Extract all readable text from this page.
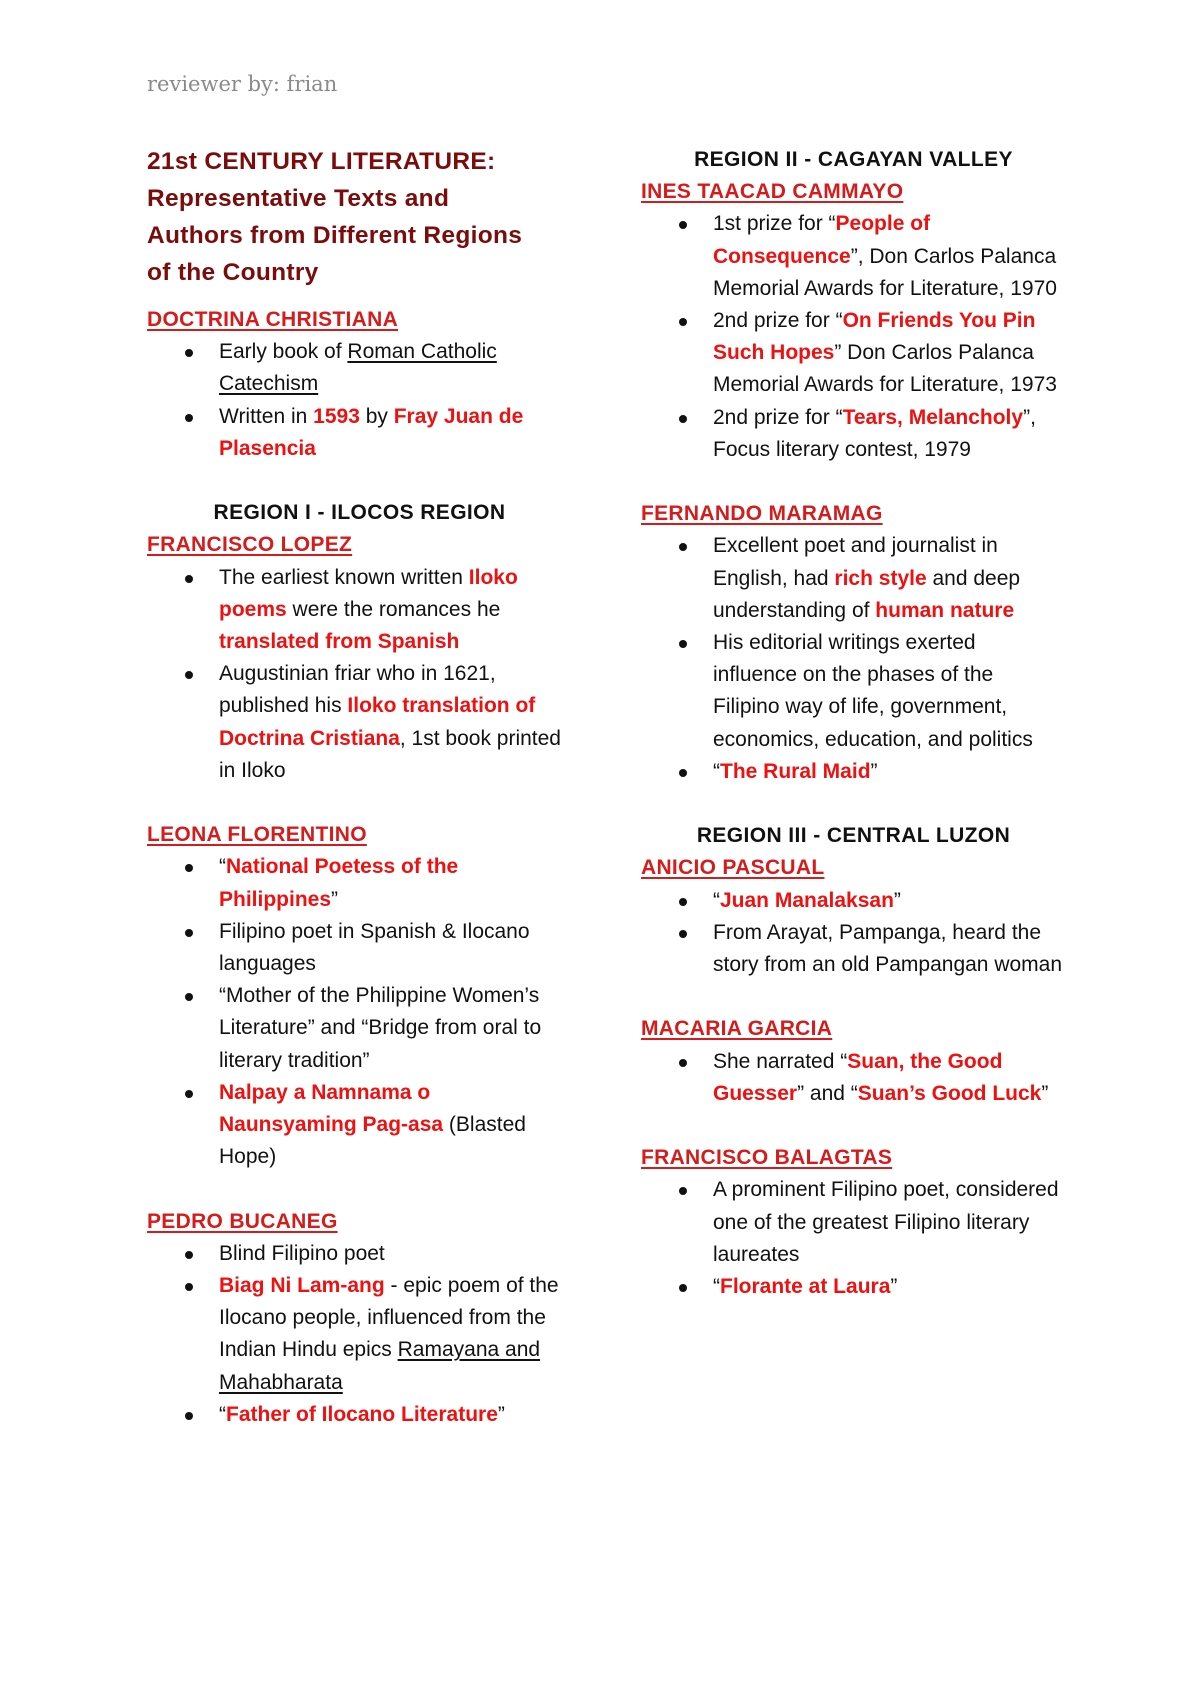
reviewer by: frian
21st CENTURY LITERATURE:
Representative Texts and
Authors from Different Regions
of the Country
DOCTRINA CHRISTIANA
Early book of Roman Catholic Catechism
Written in 1593 by Fray Juan de Plasencia
REGION I - ILOCOS REGION
FRANCISCO LOPEZ
The earliest known written Iloko poems were the romances he translated from Spanish
Augustinian friar who in 1621, published his Iloko translation of Doctrina Cristiana, 1st book printed in Iloko
LEONA FLORENTINO
“National Poetess of the Philippines”
Filipino poet in Spanish & Ilocano languages
“Mother of the Philippine Women’s Literature” and “Bridge from oral to literary tradition”
Nalpay a Namnama o Naunsyaming Pag-asa (Blasted Hope)
PEDRO BUCANEG
Blind Filipino poet
Biag Ni Lam-ang - epic poem of the Ilocano people, influenced from the Indian Hindu epics Ramayana and Mahabharata
“Father of Ilocano Literature”
REGION II - CAGAYAN VALLEY
INES TAACAD CAMMAYO
1st prize for “People of Consequence”, Don Carlos Palanca Memorial Awards for Literature, 1970
2nd prize for “On Friends You Pin Such Hopes” Don Carlos Palanca Memorial Awards for Literature, 1973
2nd prize for “Tears, Melancholy”, Focus literary contest, 1979
FERNANDO MARAMAG
Excellent poet and journalist in English, had rich style and deep understanding of human nature
His editorial writings exerted influence on the phases of the Filipino way of life, government, economics, education, and politics
“The Rural Maid”
REGION III - CENTRAL LUZON
ANICIO PASCUAL
“Juan Manalaksan”
From Arayat, Pampanga, heard the story from an old Pampangan woman
MACARIA GARCIA
She narrated “Suan, the Good Guesser” and “Suan’s Good Luck”
FRANCISCO BALAGTAS
A prominent Filipino poet, considered one of the greatest Filipino literary laureates
“Florante at Laura”
